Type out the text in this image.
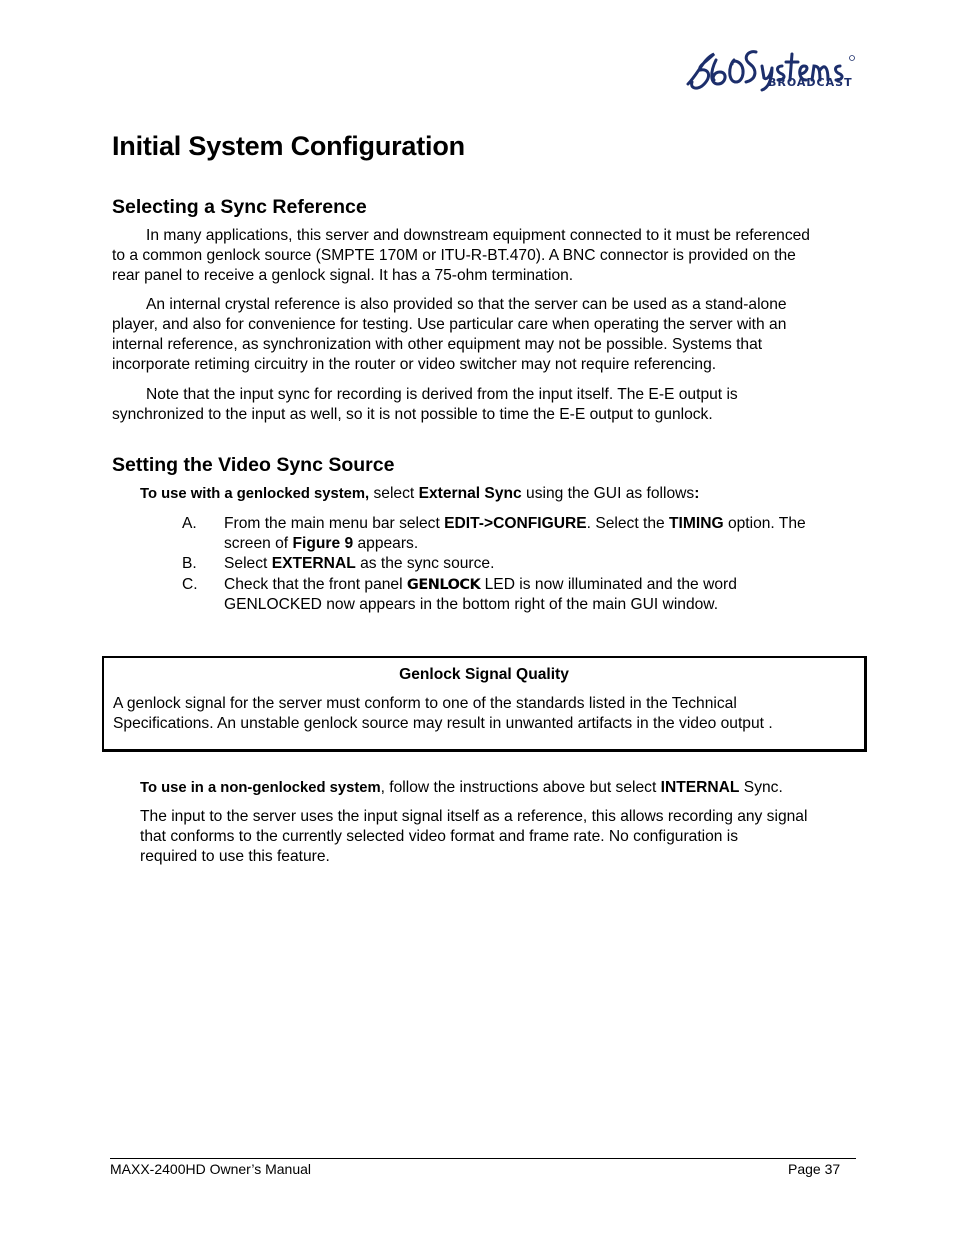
BROADCAST
Initial System Configuration
Selecting a Sync Reference
In many applications, this server and downstream equipment connected to it must be referenced
to a common genlock source (SMPTE 170M or ITU-R-BT.470). A BNC connector is provided on the
rear panel to receive a genlock signal. It has a 75-ohm termination.
An internal crystal reference is also provided so that the server can be used as a stand-alone
player, and also for convenience for testing. Use particular care when operating the server with an
internal reference, as synchronization with other equipment may not be possible. Systems that
incorporate retiming circuitry in the router or video switcher may not require referencing.
Note that the input sync for recording is derived from the input itself. The E-E output is
synchronized to the input as well, so it is not possible to time the E-E output to gunlock.
Setting the Video Sync Source
To use with a genlocked system, select External Sync using the GUI as follows:
A. From the main menu bar select EDIT->CONFIGURE. Select the TIMING option. The
screen of Figure 9 appears.
B. Select EXTERNAL as the sync source.
C. Check that the front panel GENLOCK LED is now illuminated and the word
GENLOCKED now appears in the bottom right of the main GUI window.
Genlock Signal Quality
A genlock signal for the server must conform to one of the standards listed in the Technical
Specifications. An unstable genlock source may result in unwanted artifacts in the video output .
To use in a non-genlocked system, follow the instructions above but select INTERNAL Sync.
The input to the server uses the input signal itself as a reference, this allows recording any signal
that conforms to the currently selected video format and frame rate. No configuration is
required to use this feature.
MAXX-2400HD Owner’s Manual	Page 37
